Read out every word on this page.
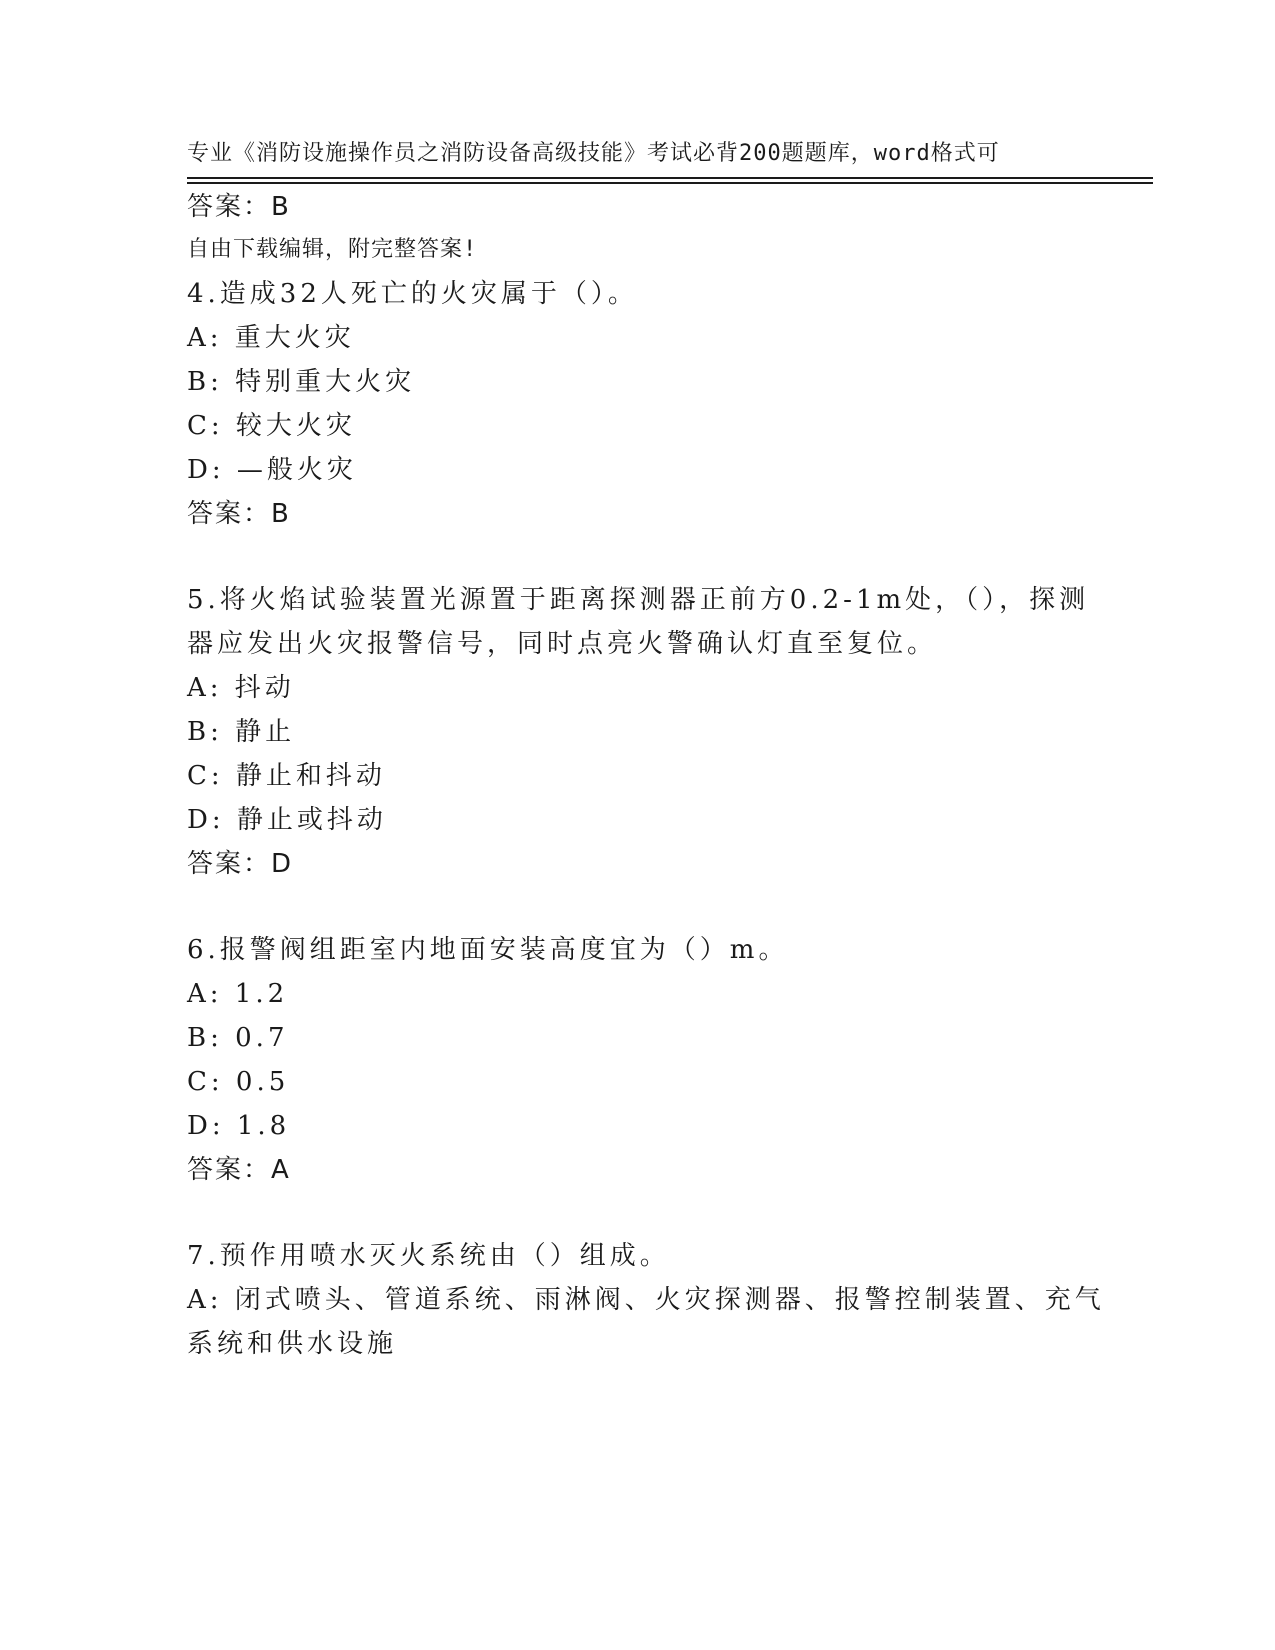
专业《消防设施操作员之消防设备高级技能》考试必背200题题库，word格式可

自由下载编辑，附完整答案!

答案：B
4.造成32人死亡的火灾属于（）。
A: 重大火灾
B: 特别重大火灾
C: 较大火灾
D: —般火灾
答案：B
5.将火焰试验装置光源置于距离探测器正前方0.2-1m处，（），探测
器应发出火灾报警信号，同时点亮火警确认灯直至复位。
A: 抖动
B: 静止
C: 静止和抖动
D: 静止或抖动
答案：D
6.报警阀组距室内地面安装高度宜为（）m。
A: 1.2
B: 0.7
C: 0.5
D: 1.8
答案：A
7.预作用喷水灭火系统由（）组成。
A: 闭式喷头、管道系统、雨淋阀、火灾探测器、报警控制装置、充气
系统和供水设施
